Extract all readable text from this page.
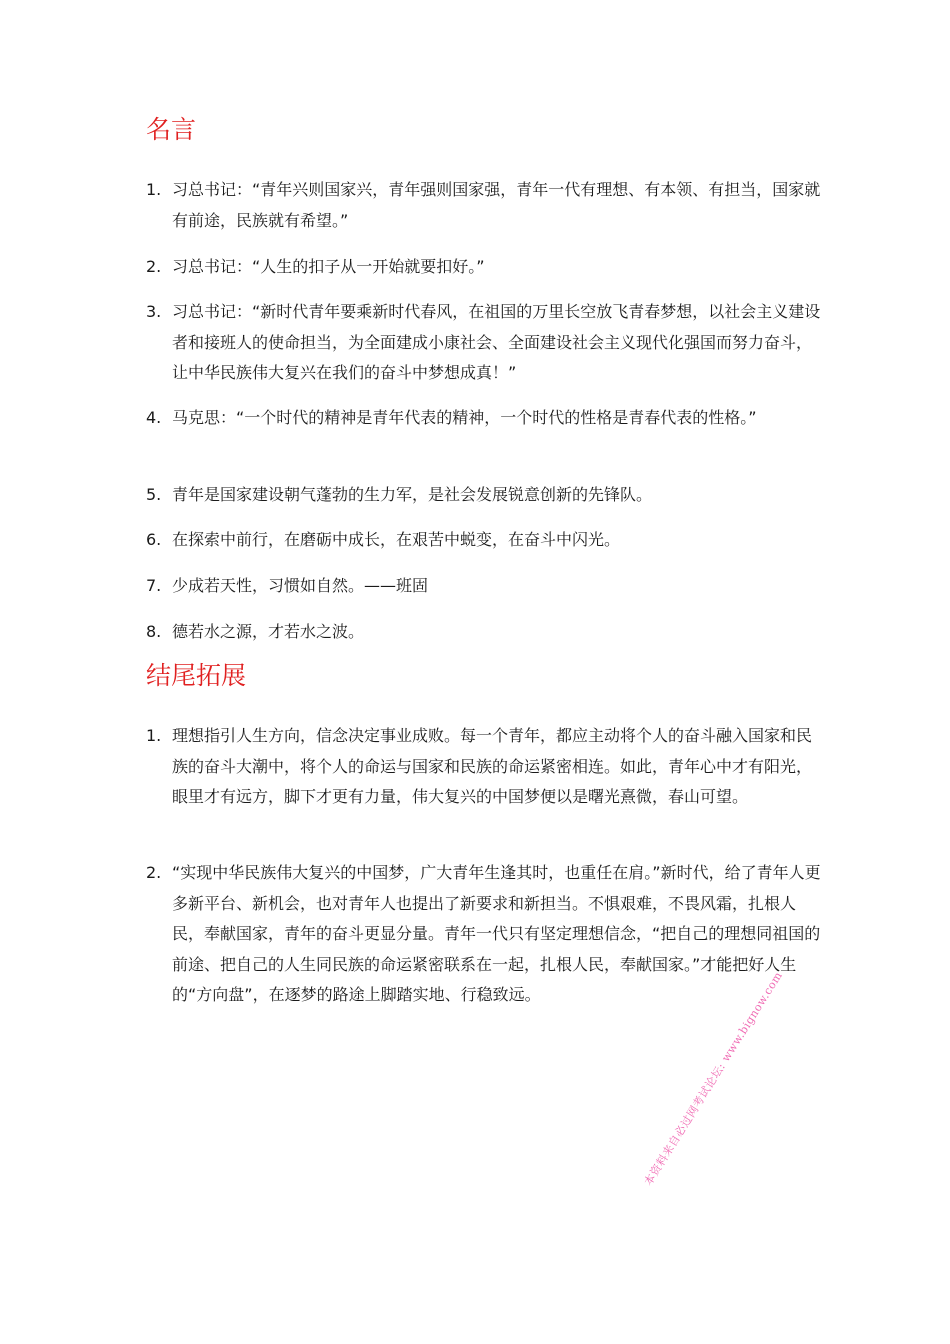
名言
1. 习总书记：“青年兴则国家兴，青年强则国家强，青年一代有理想、有本领、有担当，国家就有前途，民族就有希望。”
2. 习总书记：“人生的扣子从一开始就要扣好。”
3. 习总书记：“新时代青年要乘新时代春风，在祖国的万里长空放飞青春梦想，以社会主义建设者和接班人的使命担当，为全面建成小康社会、全面建设社会主义现代化强国而努力奋斗，让中华民族伟大复兴在我们的奋斗中梦想成真！”
4. 马克思：“一个时代的精神是青年代表的精神，一个时代的性格是青春代表的性格。”
5. 青年是国家建设朝气蓬勃的生力军，是社会发展锐意创新的先锋队。
6. 在探索中前行，在磨砺中成长，在艰苦中蜕变，在奋斗中闪光。
7. 少成若天性，习惯如自然。——班固
8. 德若水之源，才若水之波。
结尾拓展
1. 理想指引人生方向，信念决定事业成败。每一个青年，都应主动将个人的奋斗融入国家和民族的奋斗大潮中，将个人的命运与国家和民族的命运紧密相连。如此，青年心中才有阳光，眼里才有远方，脚下才更有力量，伟大复兴的中国梦便以是曙光熹微，春山可望。
2. “实现中华民族伟大复兴的中国梦，广大青年生逢其时，也重任在肩。”新时代，给了青年人更多新平台、新机会，也对青年人也提出了新要求和新担当。不惧艰难，不畏风霜，扎根人民，奉献国家，青年的奋斗更显分量。青年一代只有坚定理想信念，“把自己的理想同祖国的前途、把自己的人生同民族的命运紧密联系在一起，扎根人民，奉献国家。”才能把好人生的“方向盘”，在逐梦的路途上脚踏实地、行稳致远。	本资料来自必过网考试论坛: www.bignow.com
